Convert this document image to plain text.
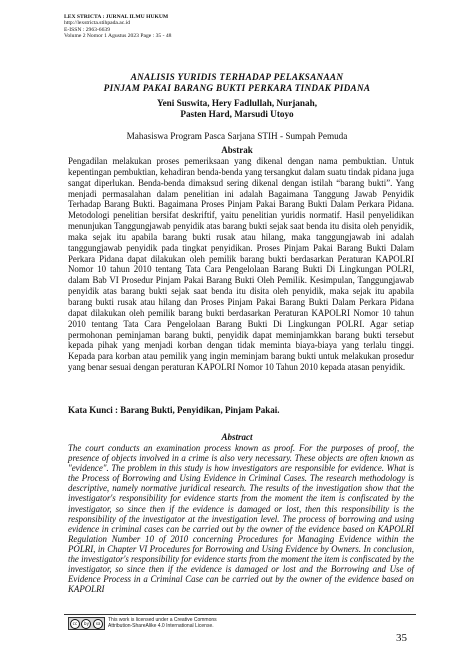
LEX STRICTA : JURNAL ILMU HUKUM
http://lexstricta.stihpada.ac.id
E-ISSN : 2963-6639
Volume 2 Nomor 1 Agustus 2023 Page : 35 - 48
ANALISIS YURIDIS TERHADAP PELAKSANAAN
PINJAM PAKAI BARANG BUKTI PERKARA TINDAK PIDANA
Yeni Suswita, Hery Fadlullah, Nurjanah,
Pasten Hard, Marsudi Utoyo
Mahasiswa Program Pasca Sarjana STIH - Sumpah Pemuda
Abstrak
Pengadilan melakukan proses pemeriksaan yang dikenal dengan nama pembuktian. Untuk kepentingan pembuktian, kehadiran benda-benda yang tersangkut dalam suatu tindak pidana juga sangat diperlukan. Benda-benda dimaksud sering dikenal dengan istilah “barang bukti”. Yang menjadi permasalahan dalam penelitian ini adalah Bagaimana Tanggung Jawab Penyidik Terhadap Barang Bukti. Bagaimana Proses Pinjam Pakai Barang Bukti Dalam Perkara Pidana. Metodologi penelitian bersifat deskriftif, yaitu penelitian yuridis normatif. Hasil penyelidikan menunjukan Tanggungjawab penyidik atas barang bukti sejak saat benda itu disita oleh penyidik, maka sejak itu apabila barang bukti rusak atau hilang, maka tanggungjawab ini adalah tanggungjawab penyidik pada tingkat penyidikan. Proses Pinjam Pakai Barang Bukti Dalam Perkara Pidana dapat dilakukan oleh pemilik barang bukti berdasarkan Peraturan KAPOLRI Nomor 10 tahun 2010 tentang Tata Cara Pengelolaan Barang Bukti Di Lingkungan POLRI, dalam Bab VI Prosedur Pinjam Pakai Barang Bukti Oleh Pemilik. Kesimpulan, Tanggungjawab penyidik atas barang bukti sejak saat benda itu disita oleh penyidik, maka sejak itu apabila barang bukti rusak atau hilang dan Proses Pinjam Pakai Barang Bukti Dalam Perkara Pidana dapat dilakukan oleh pemilik barang bukti berdasarkan Peraturan KAPOLRI Nomor 10 tahun 2010 tentang Tata Cara Pengelolaan Barang Bukti Di Lingkungan POLRI. Agar setiap permohonan peminjaman barang bukti, penyidik dapat meminjamkkan barang bukti tersebut kepada pihak yang menjadi korban dengan tidak meminta biaya-biaya yang terlalu tinggi. Kepada para korban atau pemilik yang ingin meminjam barang bukti untuk melakukan prosedur yang benar sesuai dengan peraturan KAPOLRI Nomor 10 Tahun 2010 kepada atasan penyidik.
Kata Kunci : Barang Bukti, Penyidikan, Pinjam Pakai.
Abstract
The court conducts an examination process known as proof. For the purposes of proof, the presence of objects involved in a crime is also very necessary. These objects are often known as "evidence". The problem in this study is how investigators are responsible for evidence. What is the Process of Borrowing and Using Evidence in Criminal Cases. The research methodology is descriptive, namely normative juridical research. The results of the investigation show that the investigator's responsibility for evidence starts from the moment the item is confiscated by the investigator, so since then if the evidence is damaged or lost, then this responsibility is the responsibility of the investigator at the investigation level. The process of borrowing and using evidence in criminal cases can be carried out by the owner of the evidence based on KAPOLRI Regulation Number 10 of 2010 concerning Procedures for Managing Evidence within the POLRI, in Chapter VI Procedures for Borrowing and Using Evidence by Owners. In conclusion, the investigator's responsibility for evidence starts from the moment the item is confiscated by the investigator, so since then if the evidence is damaged or lost and the Borrowing and Use of Evidence Process in a Criminal Case can be carried out by the owner of the evidence based on KAPOLRI
cc	by	sa	This work is licensed under a Creative Commons
Attribution-ShareAlike 4.0 International License.
35
